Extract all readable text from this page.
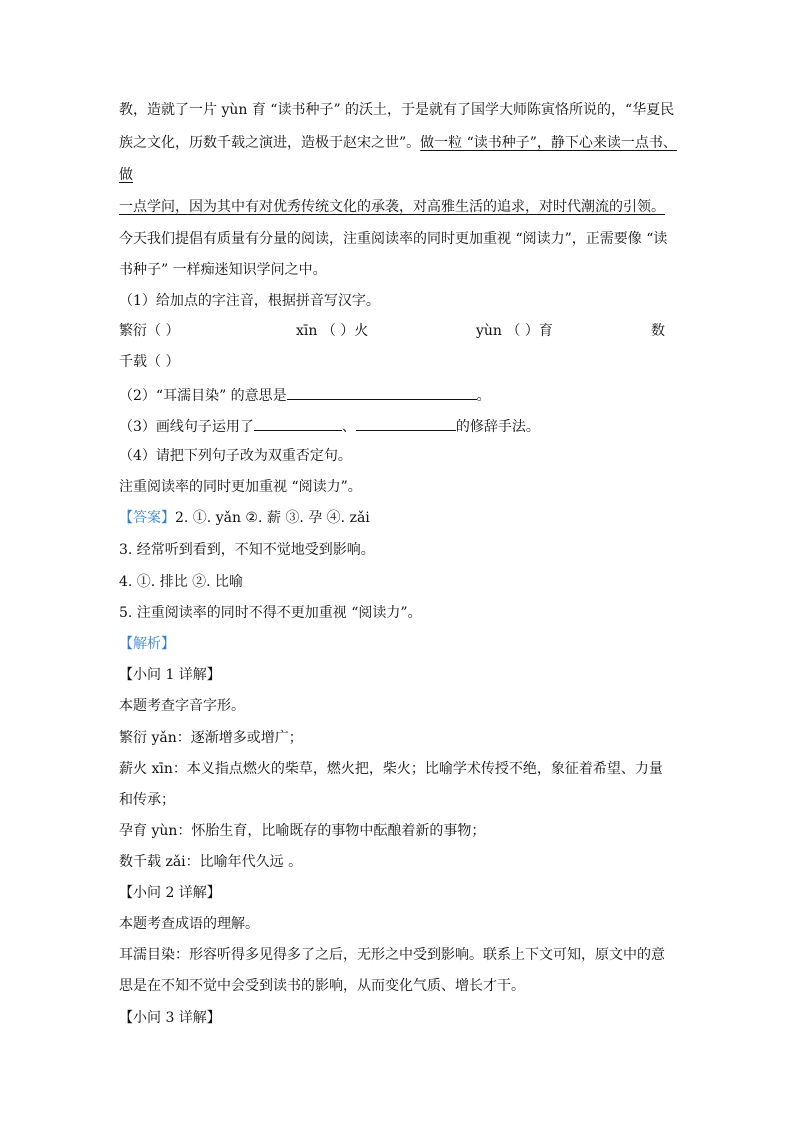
教，造就了一片 yùn 育 “读书种子” 的沃土，于是就有了国学大师陈寅恪所说的，“华夏民
族之文化，历数千载之演进，造极于赵宋之世”。做一粒 “读书种子”，静下心来读一点书、
做
一点学问，因为其中有对优秀传统文化的承袭，对高雅生活的追求，对时代潮流的引领。
今天我们提倡有质量有分量的阅读，注重阅读率的同时更加重视 “阅读力”，正需要像 “读
书种子” 一样痴迷知识学问之中。
（1）给加点的字注音，根据拼音写汉字。
繁衍（ ）	xīn （ ）火	yùn （ ）育	数
千载（ ）
（2）“耳濡目染” 的意思是	。
（3）画线句子运用了	、	的修辞手法。
（4）请把下列句子改为双重否定句。
注重阅读率的同时更加重视 “阅读力”。
【答案】2. ①. yǎn ②. 薪 ③. 孕 ④. zǎi
3. 经常听到看到，不知不觉地受到影响。
4. ①. 排比 ②. 比喻
5. 注重阅读率的同时不得不更加重视 “阅读力”。
【解析】
【小问 1 详解】
本题考查字音字形。
繁衍 yǎn：逐渐增多或增广；
薪火 xīn：本义指点燃火的柴草，燃火把，柴火；比喻学术传授不绝，象征着希望、力量
和传承；
孕育 yùn：怀胎生育，比喻既存的事物中酝酿着新的事物；
数千载 zǎi：比喻年代久远 。
【小问 2 详解】
本题考查成语的理解。
耳濡目染：形容听得多见得多了之后，无形之中受到影响。联系上下文可知，原文中的意
思是在不知不觉中会受到读书的影响，从而变化气质、增长才干。
【小问 3 详解】
